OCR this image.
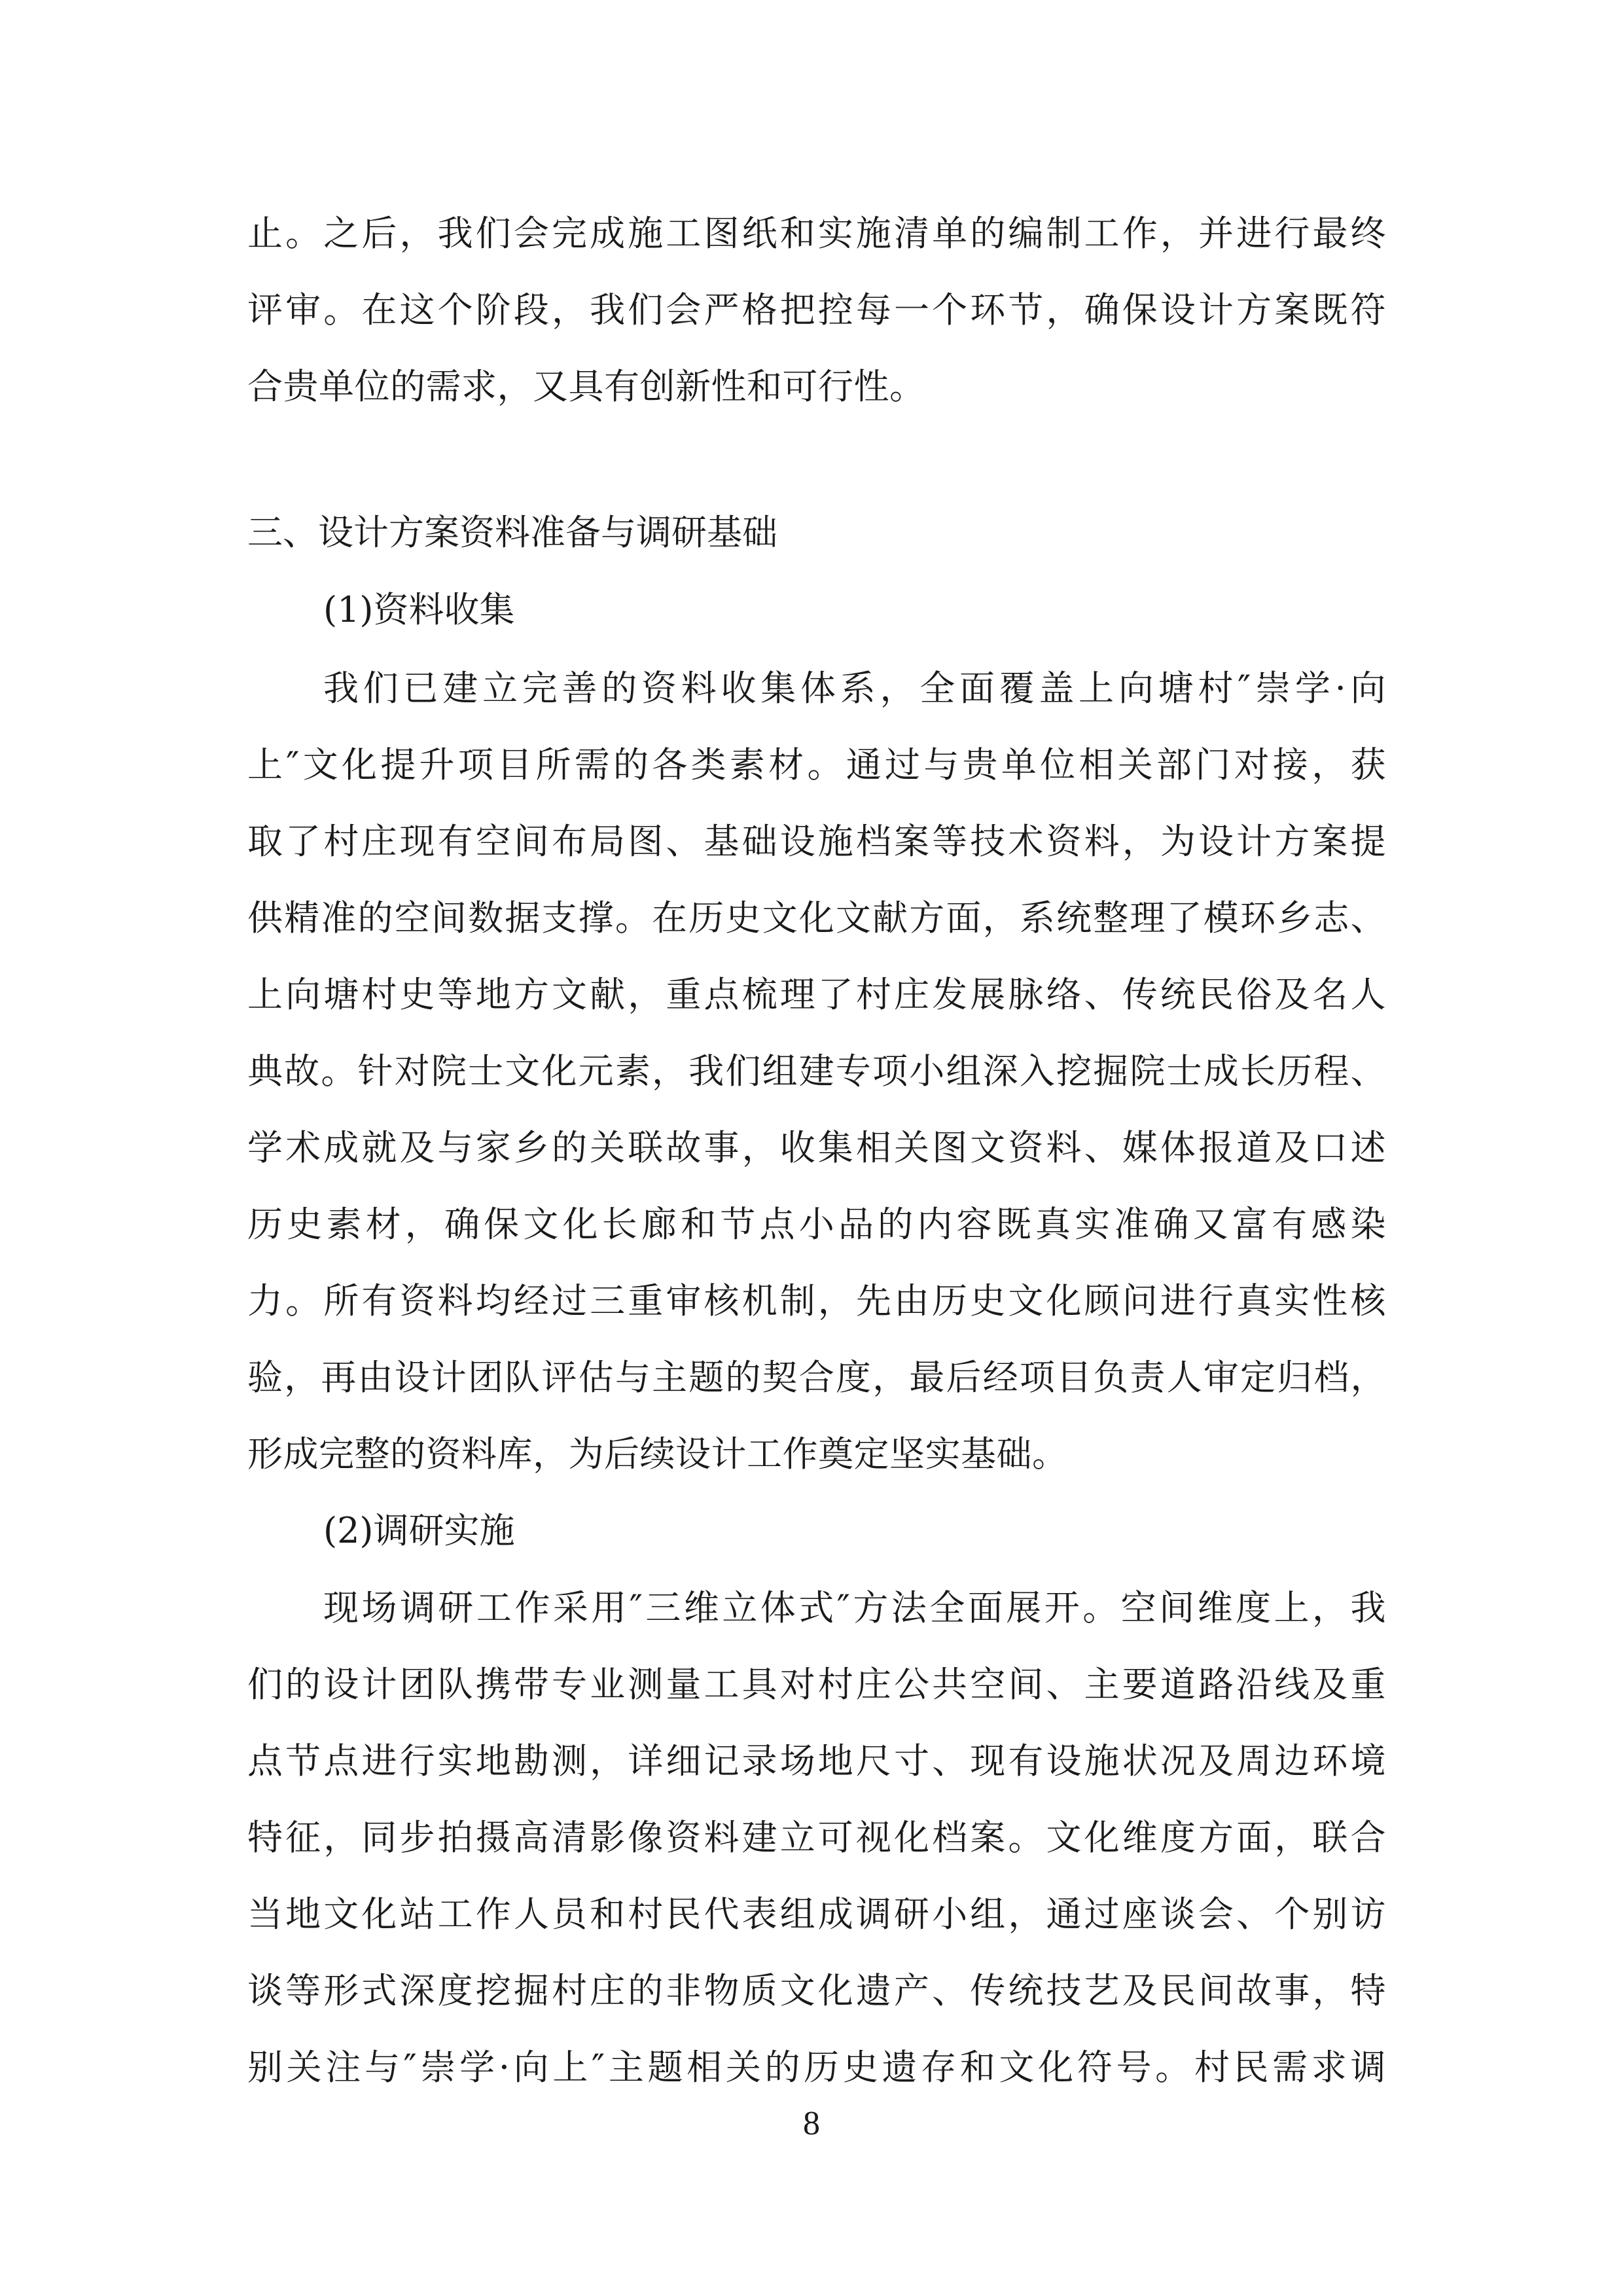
止。之后，我们会完成施工图纸和实施清单的编制工作，并进行最终
评审。在这个阶段，我们会严格把控每一个环节，确保设计方案既符
合贵单位的需求，又具有创新性和可行性。
三、设计方案资料准备与调研基础
(1)资料收集
我们已建立完善的资料收集体系，全面覆盖上向塘村″崇学·向
上″文化提升项目所需的各类素材。通过与贵单位相关部门对接，获
取了村庄现有空间布局图、基础设施档案等技术资料，为设计方案提
供精准的空间数据支撑。在历史文化文献方面，系统整理了模环乡志、
上向塘村史等地方文献，重点梳理了村庄发展脉络、传统民俗及名人
典故。针对院士文化元素，我们组建专项小组深入挖掘院士成长历程、
学术成就及与家乡的关联故事，收集相关图文资料、媒体报道及口述
历史素材，确保文化长廊和节点小品的内容既真实准确又富有感染
力。所有资料均经过三重审核机制，先由历史文化顾问进行真实性核
验，再由设计团队评估与主题的契合度，最后经项目负责人审定归档，
形成完整的资料库，为后续设计工作奠定坚实基础。
(2)调研实施
现场调研工作采用″三维立体式″方法全面展开。空间维度上，我
们的设计团队携带专业测量工具对村庄公共空间、主要道路沿线及重
点节点进行实地勘测，详细记录场地尺寸、现有设施状况及周边环境
特征，同步拍摄高清影像资料建立可视化档案。文化维度方面，联合
当地文化站工作人员和村民代表组成调研小组，通过座谈会、个别访
谈等形式深度挖掘村庄的非物质文化遗产、传统技艺及民间故事，特
别关注与″崇学·向上″主题相关的历史遗存和文化符号。村民需求调
8
